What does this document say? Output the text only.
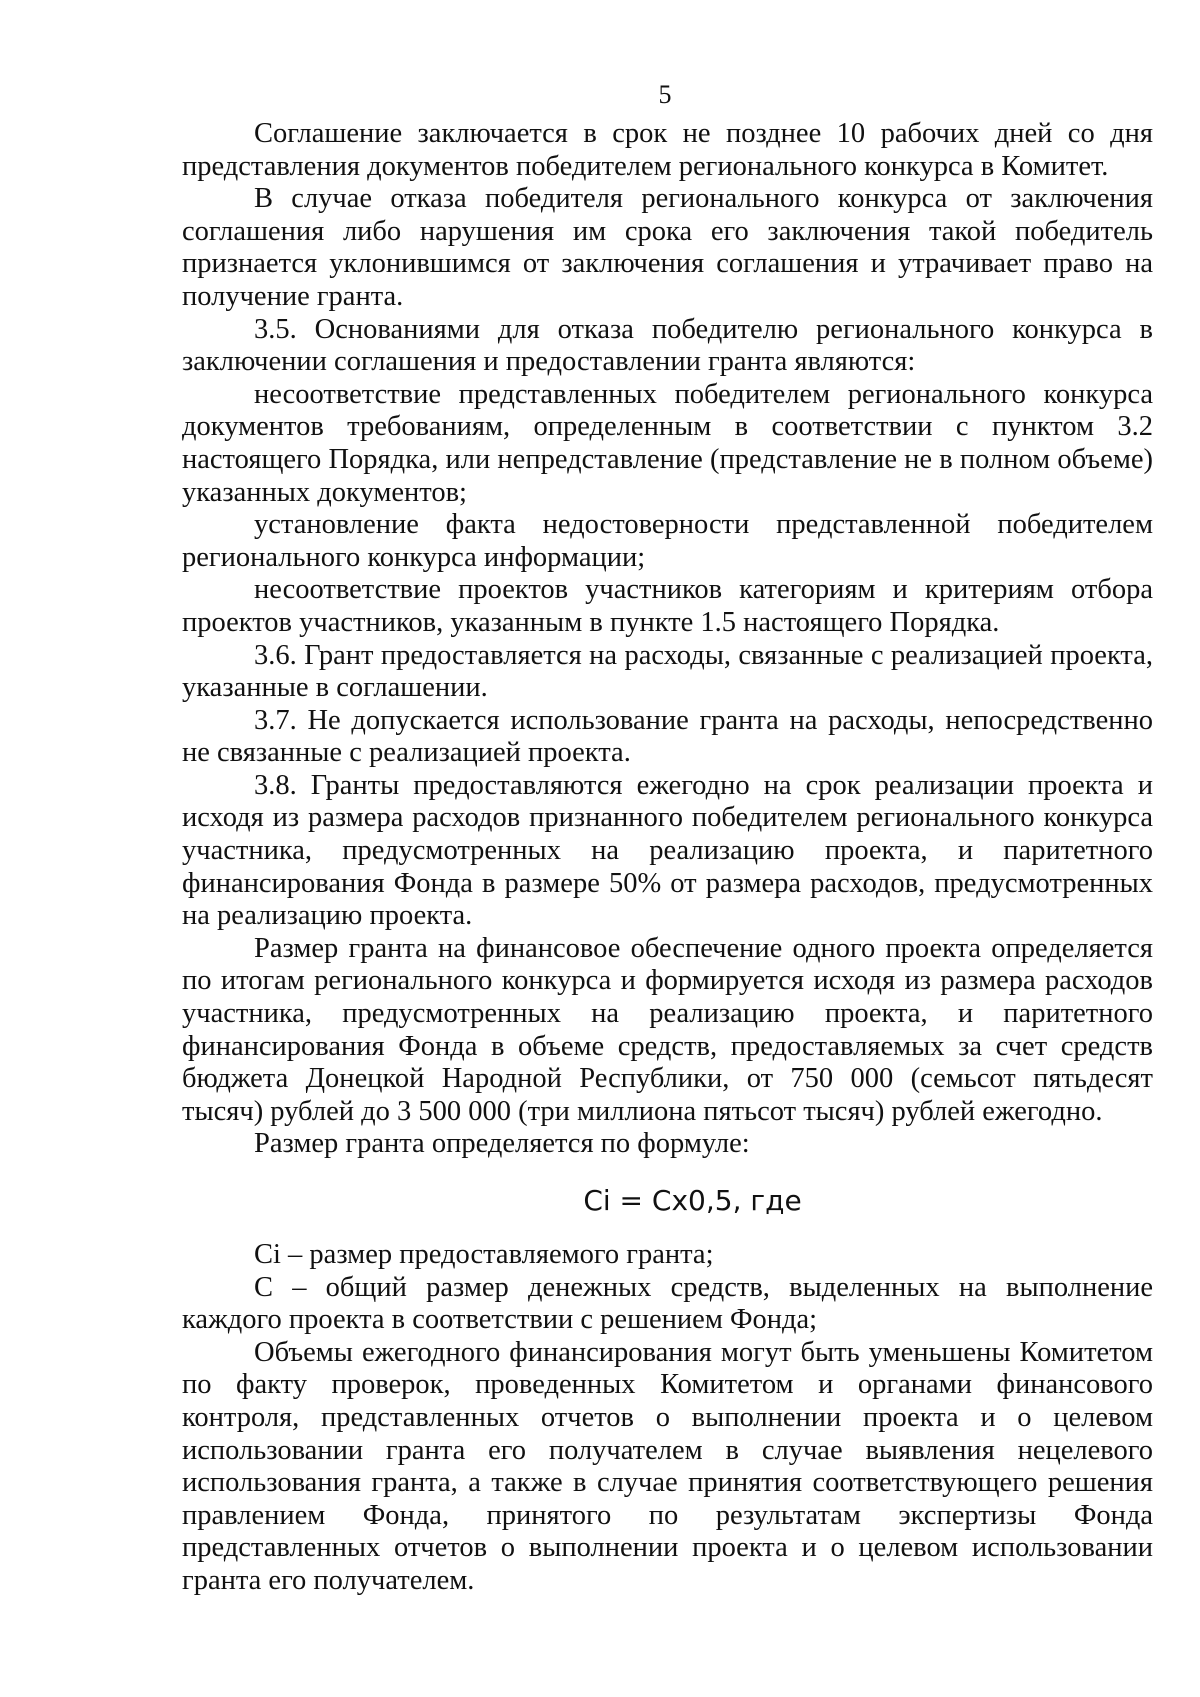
5

Соглашение заключается в срок не позднее 10 рабочих дней со дня представления документов победителем регионального конкурса в Комитет.

В случае отказа победителя регионального конкурса от заключения соглашения либо нарушения им срока его заключения такой победитель признается уклонившимся от заключения соглашения и утрачивает право на получение гранта.

3.5. Основаниями для отказа победителю регионального конкурса в заключении соглашения и предоставлении гранта являются:

несоответствие представленных победителем регионального конкурса документов требованиям, определенным в соответствии с пунктом 3.2 настоящего Порядка, или непредставление (представление не в полном объеме) указанных документов;

установление факта недостоверности представленной победителем регионального конкурса информации;

несоответствие проектов участников категориям и критериям отбора проектов участников, указанным в пункте 1.5 настоящего Порядка.

3.6. Грант предоставляется на расходы, связанные с реализацией проекта, указанные в соглашении.

3.7. Не допускается использование гранта на расходы, непосредственно не связанные с реализацией проекта.

3.8. Гранты предоставляются ежегодно на срок реализации проекта и исходя из размера расходов признанного победителем регионального конкурса участника, предусмотренных на реализацию проекта, и паритетного финансирования Фонда в размере 50% от размера расходов, предусмотренных на реализацию проекта.

Размер гранта на финансовое обеспечение одного проекта определяется по итогам регионального конкурса и формируется исходя из размера расходов участника, предусмотренных на реализацию проекта, и паритетного финансирования Фонда в объеме средств, предоставляемых за счет средств бюджета Донецкой Народной Республики, от 750 000 (семьсот пятьдесят тысяч) рублей до 3 500 000 (три миллиона пятьсот тысяч) рублей ежегодно.

Размер гранта определяется по формуле:

Ci = Cx0,5, где

Ci – размер предоставляемого гранта;

C – общий размер денежных средств, выделенных на выполнение каждого проекта в соответствии с решением Фонда;

Объемы ежегодного финансирования могут быть уменьшены Комитетом по факту проверок, проведенных Комитетом и органами финансового контроля, представленных отчетов о выполнении проекта и о целевом использовании гранта его получателем в случае выявления нецелевого использования гранта, а также в случае принятия соответствующего решения правлением Фонда, принятого по результатам экспертизы Фонда представленных отчетов о выполнении проекта и о целевом использовании гранта его получателем.
